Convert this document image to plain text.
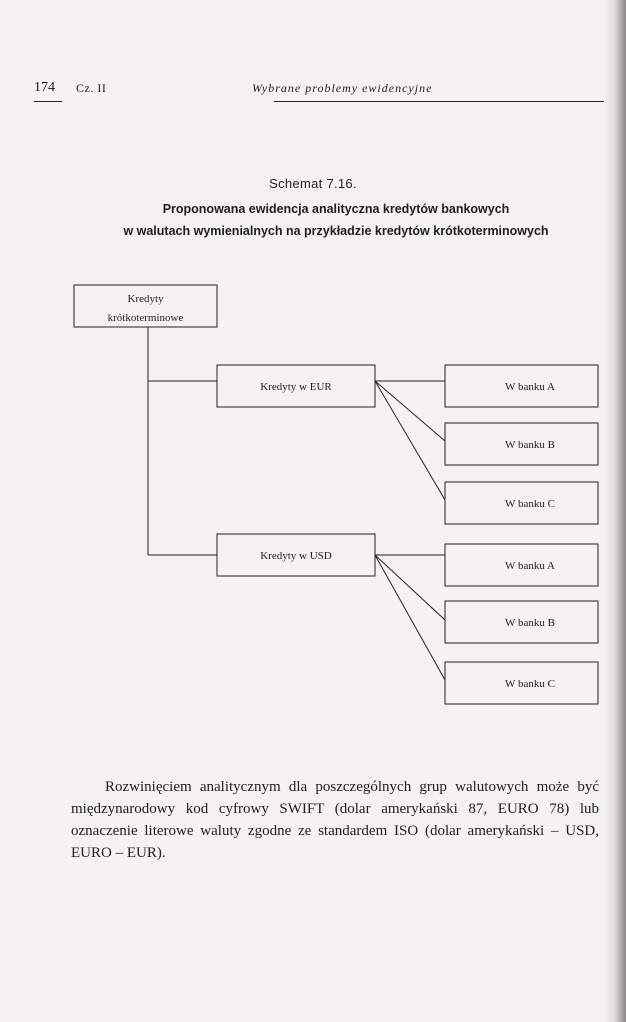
174 Cz. II	Wybrane problemy ewidencyjne
Schemat 7.16.
Proponowana ewidencja analityczna kredytów bankowych
w walutach wymienialnych na przykładzie kredytów krótkoterminowych
Kredyty
krótkoterminowe
Kredyty w EUR	W banku A
W banku B
W banku C
Kredyty w USD
W banku A
W banku B
W banku C

Rozwinięciem analitycznym dla poszczególnych grup walutowych może być międzynarodowy kod cyfrowy SWIFT (dolar amerykański 87, EURO 78) lub oznaczenie literowe waluty zgodne ze standardem ISO (dolar amerykański – USD, EURO – EUR).
